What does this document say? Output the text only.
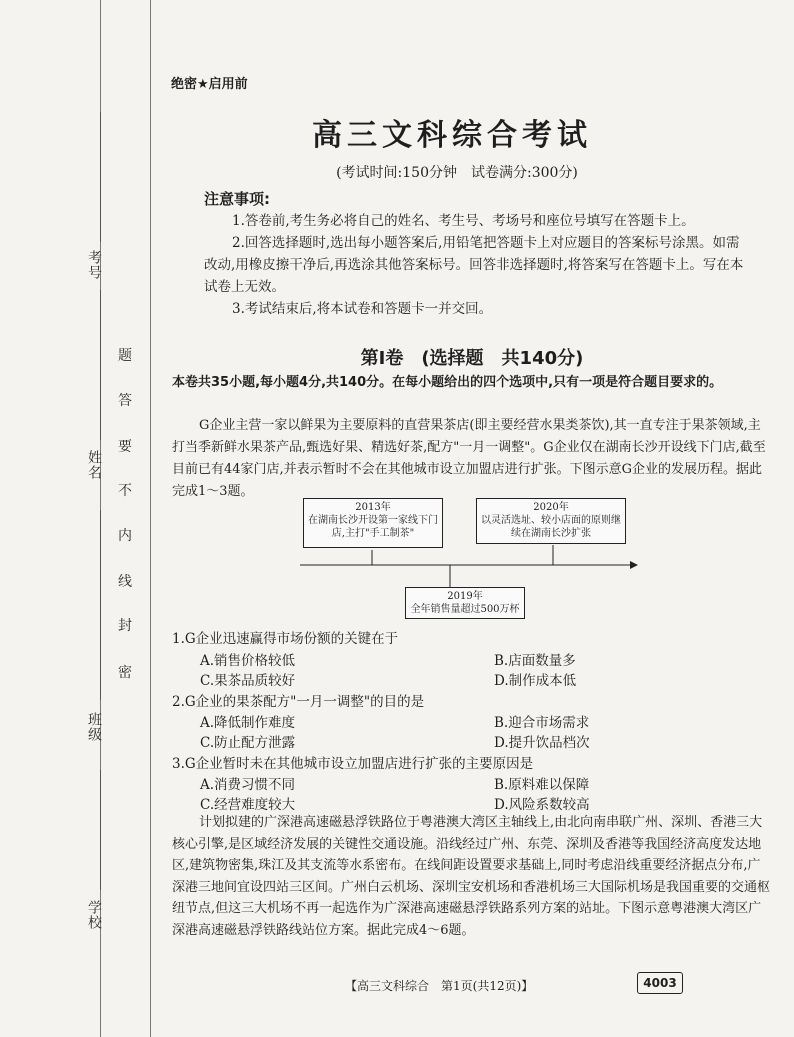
考号
姓名
班级
学校
密
封
线
内
不
要
答
题
绝密★启用前
高三文科综合考试
(考试时间:150分钟　试卷满分:300分)
注意事项:
1.答卷前,考生务必将自己的姓名、考生号、考场号和座位号填写在答题卡上。
2.回答选择题时,选出每小题答案后,用铅笔把答题卡上对应题目的答案标号涂黑。如需改动,用橡皮擦干净后,再选涂其他答案标号。回答非选择题时,将答案写在答题卡上。写在本试卷上无效。
3.考试结束后,将本试卷和答题卡一并交回。
第Ⅰ卷　(选择题　共140分)
本卷共35小题,每小题4分,共140分。在每小题给出的四个选项中,只有一项是符合题目要求的。
G企业主营一家以鲜果为主要原料的直营果茶店(即主要经营水果类茶饮),其一直专注于果茶领域,主打当季新鲜水果茶产品,甄选好果、精选好茶,配方"一月一调整"。G企业仅在湖南长沙开设线下门店,截至目前已有44家门店,并表示暂时不会在其他城市设立加盟店进行扩张。下图示意G企业的发展历程。据此完成1～3题。
2013年
在湖南长沙开设第一家线下门店,主打"手工制茶"
2020年
以灵活选址、较小店面的原则继续在湖南长沙扩张
2019年
全年销售量超过500万杯
1.G企业迅速赢得市场份额的关键在于
A.销售价格较低	B.店面数量多
C.果茶品质较好	D.制作成本低
2.G企业的果茶配方"一月一调整"的目的是
A.降低制作难度	B.迎合市场需求
C.防止配方泄露	D.提升饮品档次
3.G企业暂时未在其他城市设立加盟店进行扩张的主要原因是
A.消费习惯不同	B.原料难以保障
C.经营难度较大	D.风险系数较高
计划拟建的广深港高速磁悬浮铁路位于粤港澳大湾区主轴线上,由北向南串联广州、深圳、香港三大核心引擎,是区域经济发展的关键性交通设施。沿线经过广州、东莞、深圳及香港等我国经济高度发达地区,建筑物密集,珠江及其支流等水系密布。在线间距设置要求基础上,同时考虑沿线重要经济据点分布,广深港三地间宜设四站三区间。广州白云机场、深圳宝安机场和香港机场三大国际机场是我国重要的交通枢纽节点,但这三大机场不再一起选作为广深港高速磁悬浮铁路系列方案的站址。下图示意粤港澳大湾区广深港高速磁悬浮铁路线站位方案。据此完成4～6题。
【高三文科综合　第1页(共12页)】	4003
